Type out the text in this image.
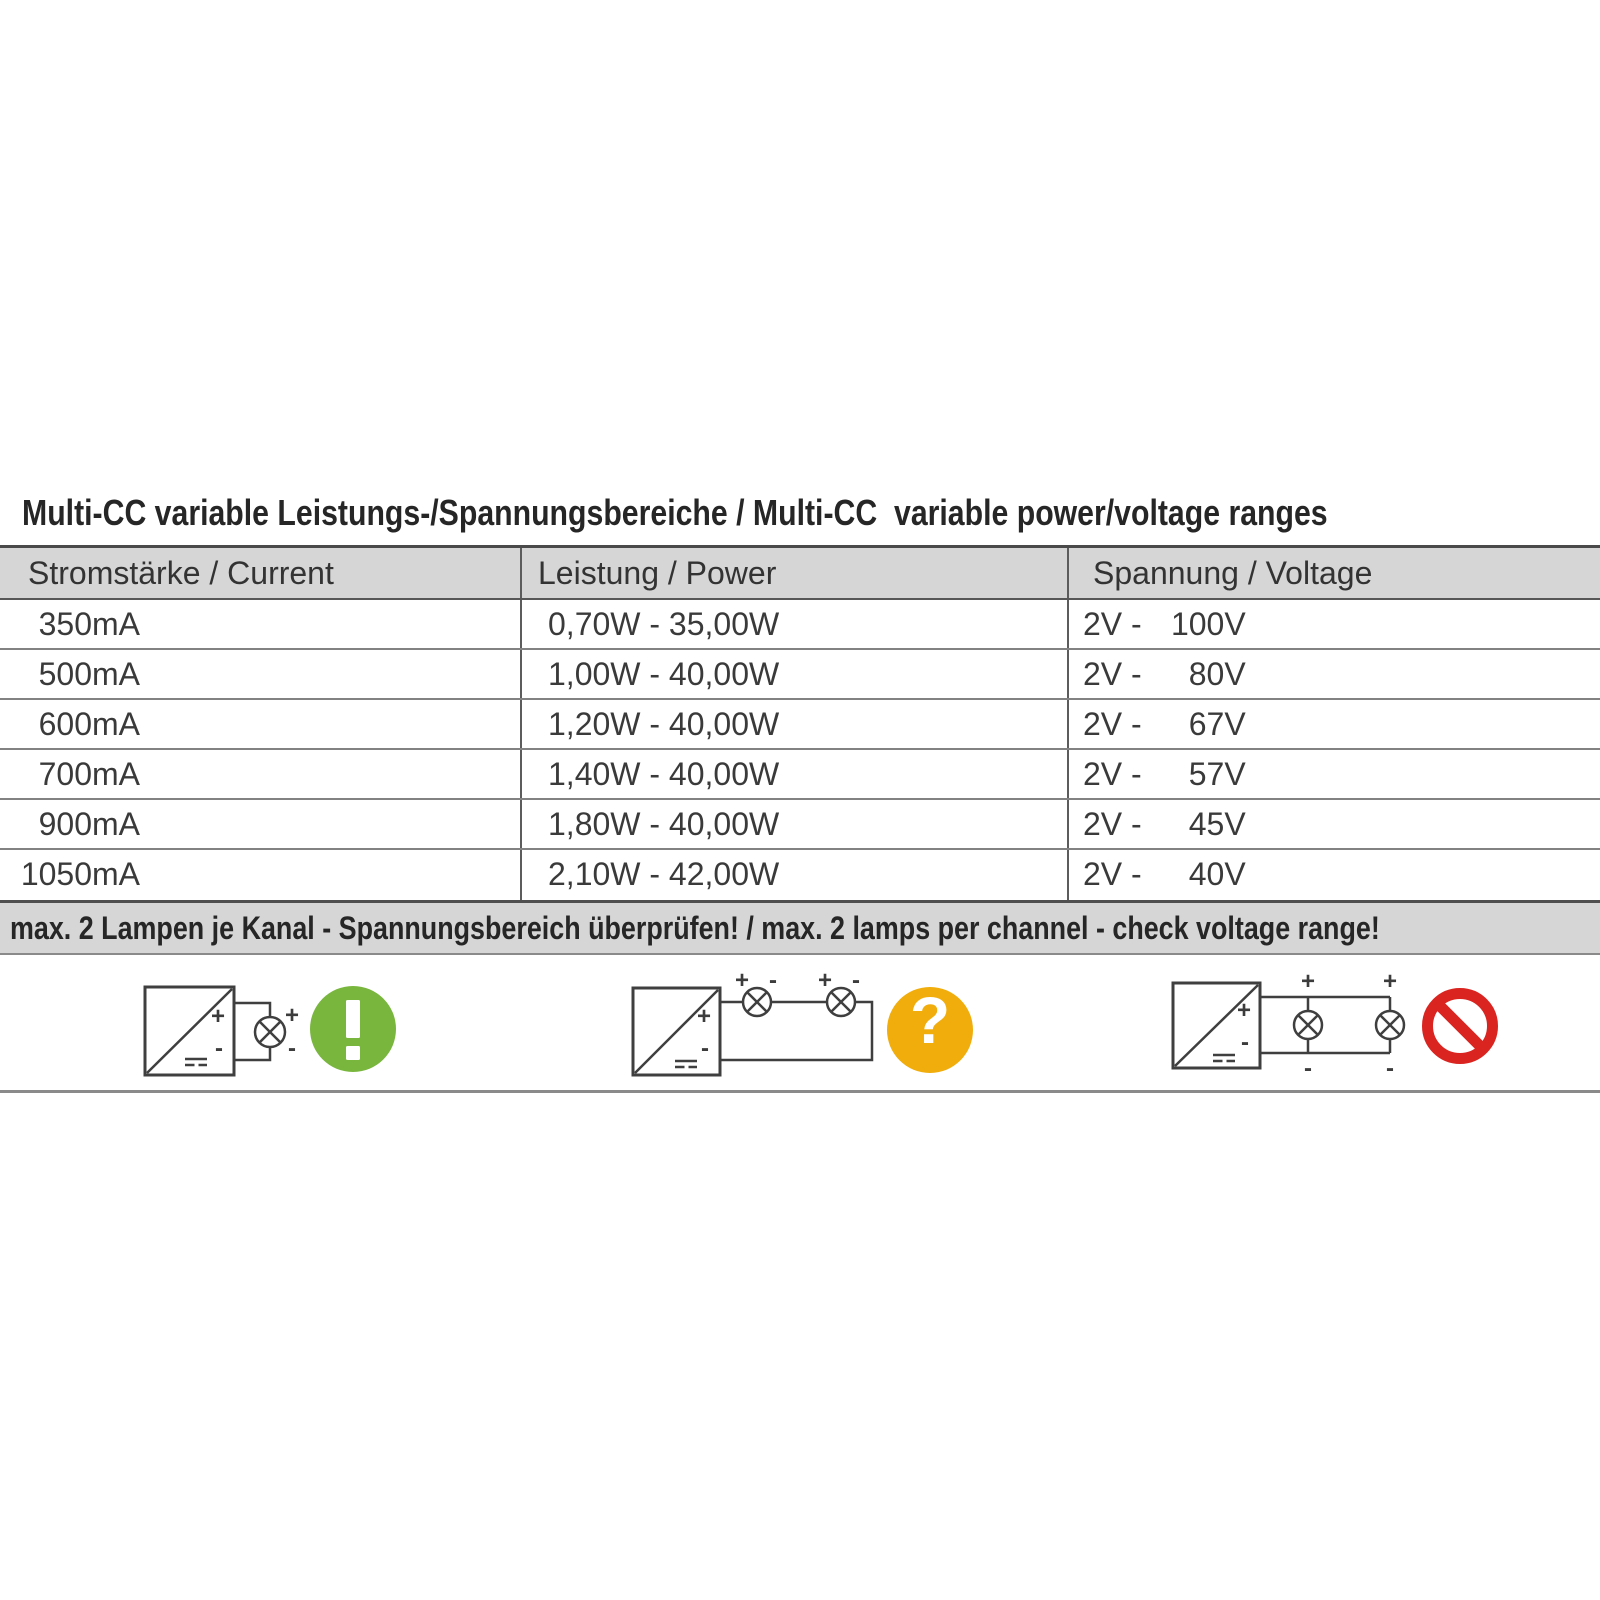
Multi-CC variable Leistungs-/Spannungsbereiche / Multi-CC  variable power/voltage ranges
Stromstärke / Current	Leistung / Power	Spannung / Voltage
350mA	0,70W - 35,00W	2V - 100V
500mA	1,00W - 40,00W	2V - 80V
600mA	1,20W - 40,00W	2V - 67V
700mA	1,40W - 40,00W	2V - 57V
900mA	1,80W - 40,00W	2V - 45V
1050mA	2,10W - 42,00W	2V - 40V
max. 2 Lampen je Kanal - Spannungsbereich überprüfen! / max. 2 lamps per channel - check voltage range!
+
-
+
-
+
-
+ - + -
?	+
-
+	+
-	-
